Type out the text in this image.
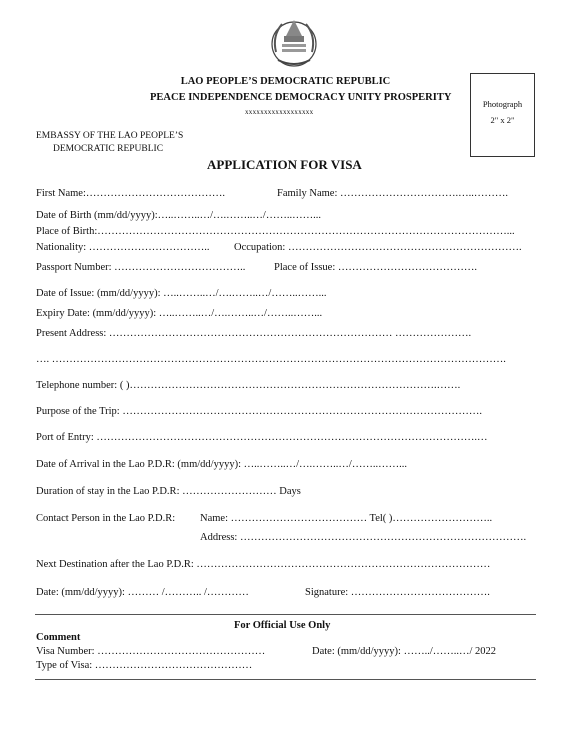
LAO PEOPLE’S DEMOCRATIC REPUBLIC
PEACE INDEPENDENCE DEMOCRACY UNITY PROSPERITY
xxxxxxxxxxxxxxxxxx
Photograph
2" x 2"
EMBASSY OF THE LAO PEOPLE’S
DEMOCRATIC REPUBLIC
APPLICATION FOR VISA
First Name:………………………………….	Family Name: …………………………….…..……….
Date of Birth (mm/dd/yyyy):…..……..…/….……..…/……..……...
Place of Birth:………………………………………………………………………………………………………...
Nationality: …………………………….. Occupation: ………………………………………………………….
Passport Number: ………………………………..	Place of Issue: ………………………………….
Date of Issue: (mm/dd/yyyy): …..……..…/….……..…/……..……...
Expiry Date: (mm/dd/yyyy): …..……..…/….……..…/……..……...
Present Address: ……………………………………………………………………… ………………….
…. ………………………………………………………………………………………………………………….
Telephone number: ( )…………………………………………………………………………….…….
Purpose of the Trip: ………………………………………………………………………………………….
Port of Entry: ……………………………………………………………………………………………….…
Date of Arrival in the Lao P.D.R: (mm/dd/yyyy): …..……..…/….……..…/……..……...
Duration of stay in the Lao P.D.R: ……………………… Days
Contact Person in the Lao P.D.R: Name: ………………………………… Tel( )………………………..
Address: ……………………………………………………………………….
Next Destination after the Lao P.D.R: …………………………………………………………………………
Date: (mm/dd/yyyy): ……… /……….. /…………	Signature: ………………………………….
For Official Use Only
Comment
Visa Number: …………………………………………	Date: (mm/dd/yyyy): ……../……..…/ 2022
Type of Visa: ………………………………………
